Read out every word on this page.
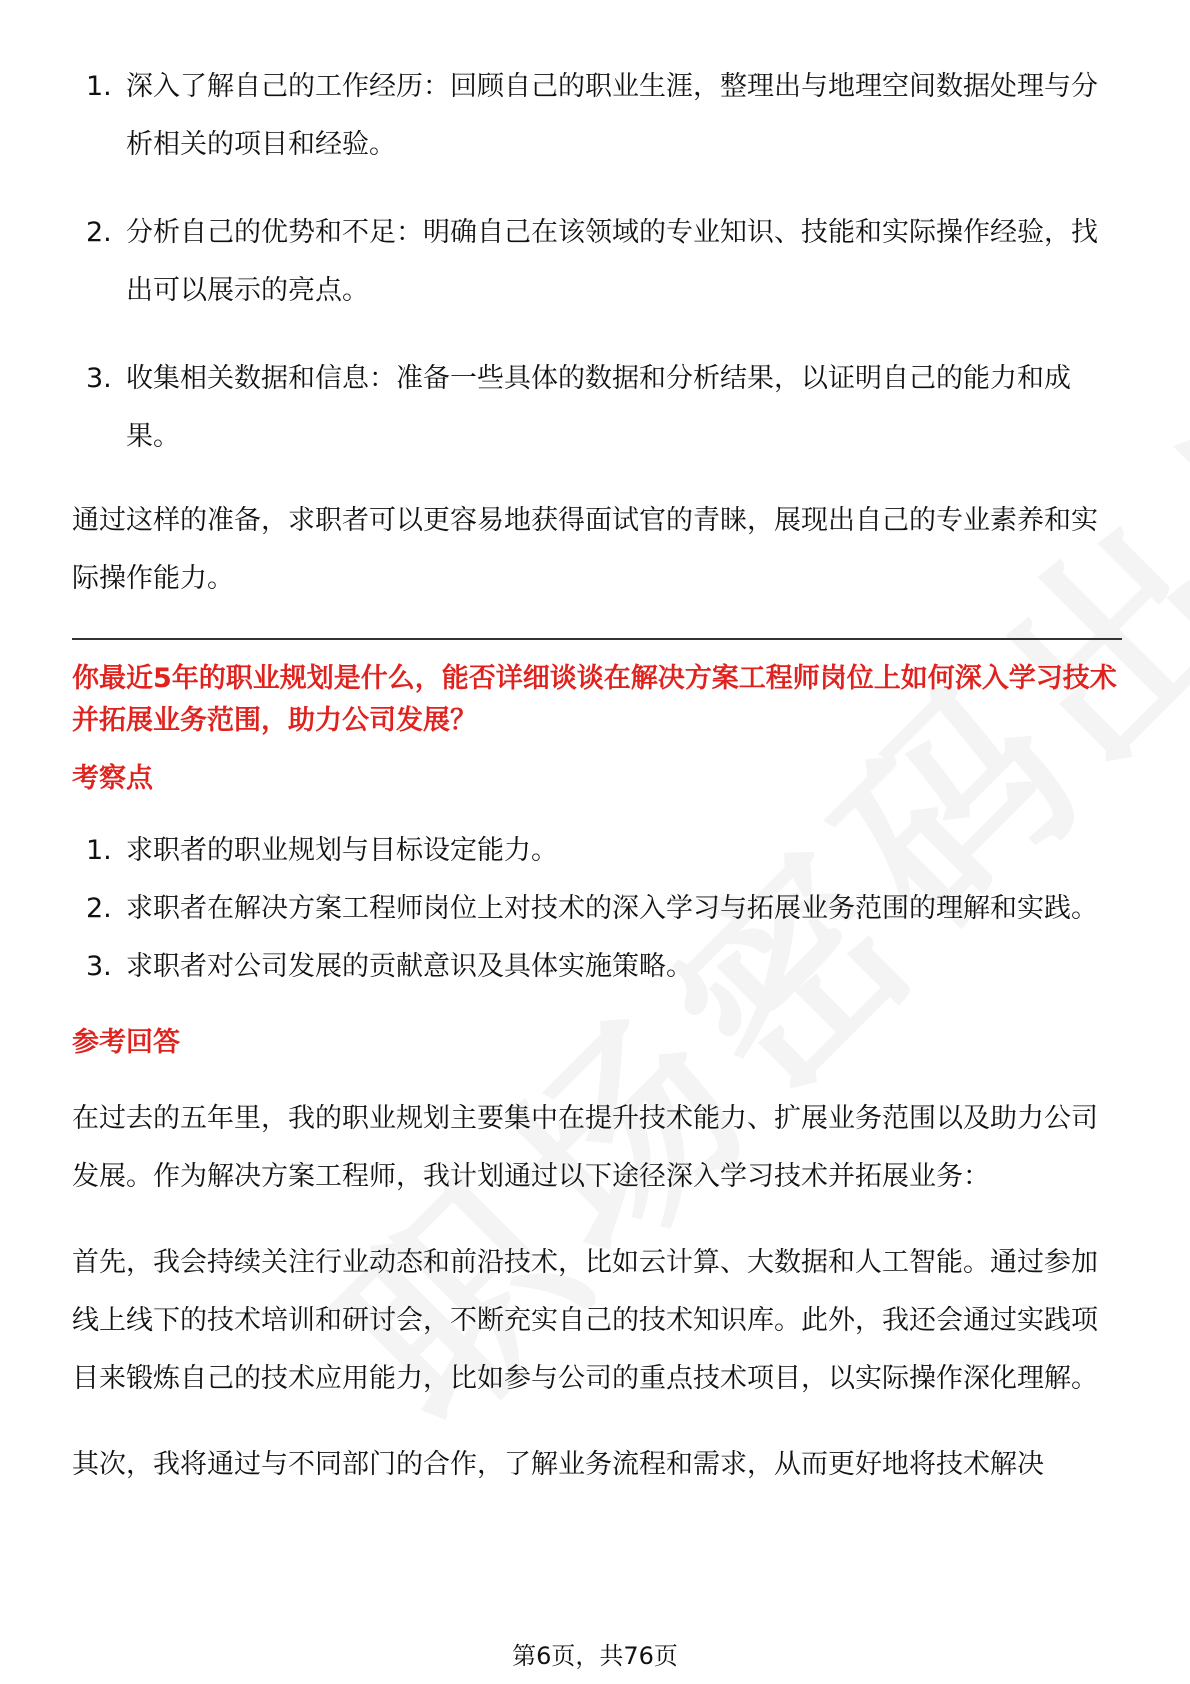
1. 深入了解自己的工作经历：回顾自己的职业生涯，整理出与地理空间数据处理与分析相关的项目和经验。
2. 分析自己的优势和不足：明确自己在该领域的专业知识、技能和实际操作经验，找出可以展示的亮点。
3. 收集相关数据和信息：准备一些具体的数据和分析结果，以证明自己的能力和成果。

通过这样的准备，求职者可以更容易地获得面试官的青睐，展现出自己的专业素养和实际操作能力。

你最近5年的职业规划是什么，能否详细谈谈在解决方案工程师岗位上如何深入学习技术并拓展业务范围，助力公司发展？

考察点

1. 求职者的职业规划与目标设定能力。
2. 求职者在解决方案工程师岗位上对技术的深入学习与拓展业务范围的理解和实践。
3. 求职者对公司发展的贡献意识及具体实施策略。

参考回答

在过去的五年里，我的职业规划主要集中在提升技术能力、扩展业务范围以及助力公司发展。作为解决方案工程师，我计划通过以下途径深入学习技术并拓展业务：

首先，我会持续关注行业动态和前沿技术，比如云计算、大数据和人工智能。通过参加线上线下的技术培训和研讨会，不断充实自己的技术知识库。此外，我还会通过实践项目来锻炼自己的技术应用能力，比如参与公司的重点技术项目，以实际操作深化理解。

其次，我将通过与不同部门的合作，了解业务流程和需求，从而更好地将技术解决

第6页，共76页
